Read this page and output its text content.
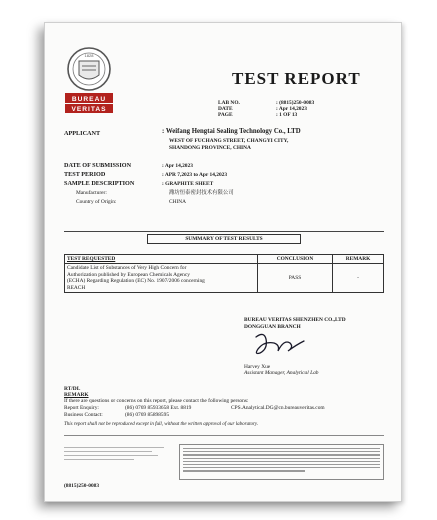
1828
BUREAU
VERITAS
TEST REPORT
LAB NO.	: (8815)250-0083
DATE	: Apr 14,2023
PAGE	: 1 OF 13
APPLICANT	: Weifang Hengtai Sealing Technology Co., LTD
WEST OF FUCHANG STREET, CHANGYI CITY,
SHANDONG PROVINCE, CHINA
DATE OF SUBMISSION	: Apr 14,2023
TEST PERIOD	: APR 7,2023 to Apr 14,2023
SAMPLE DESCRIPTION	: GRAPHITE SHEET
Manufacturer:	潍坊恒泰密封技术有限公司
Country of Origin:	CHINA
SUMMARY OF TEST RESULTS
TEST REQUESTED	CONCLUSION	REMARK

Candidate List of Substances of Very High Concern for
Authorization published by European Chemicals Agency
(ECHA) Regarding Regulation (EC) No. 1907/2006 concerning
REACH	PASS	-
BUREAU VERITAS SHENZHEN CO.,LTD
DONGGUAN BRANCH
Harvey Xue
Assistant Manager, Analytical Lab
RT/DL
REMARK
If there are questions or concerns on this report, please contact the following persons:
Report Enquiry:	(86) 0769 85933658 Ext. 8819	CPS.Analytical.DG@cn.bureauveritas.com
Business Contact:	(86) 0769 85898595
This report shall not be reproduced except in full, without the written approval of our laboratory.
(8815)250-0083
